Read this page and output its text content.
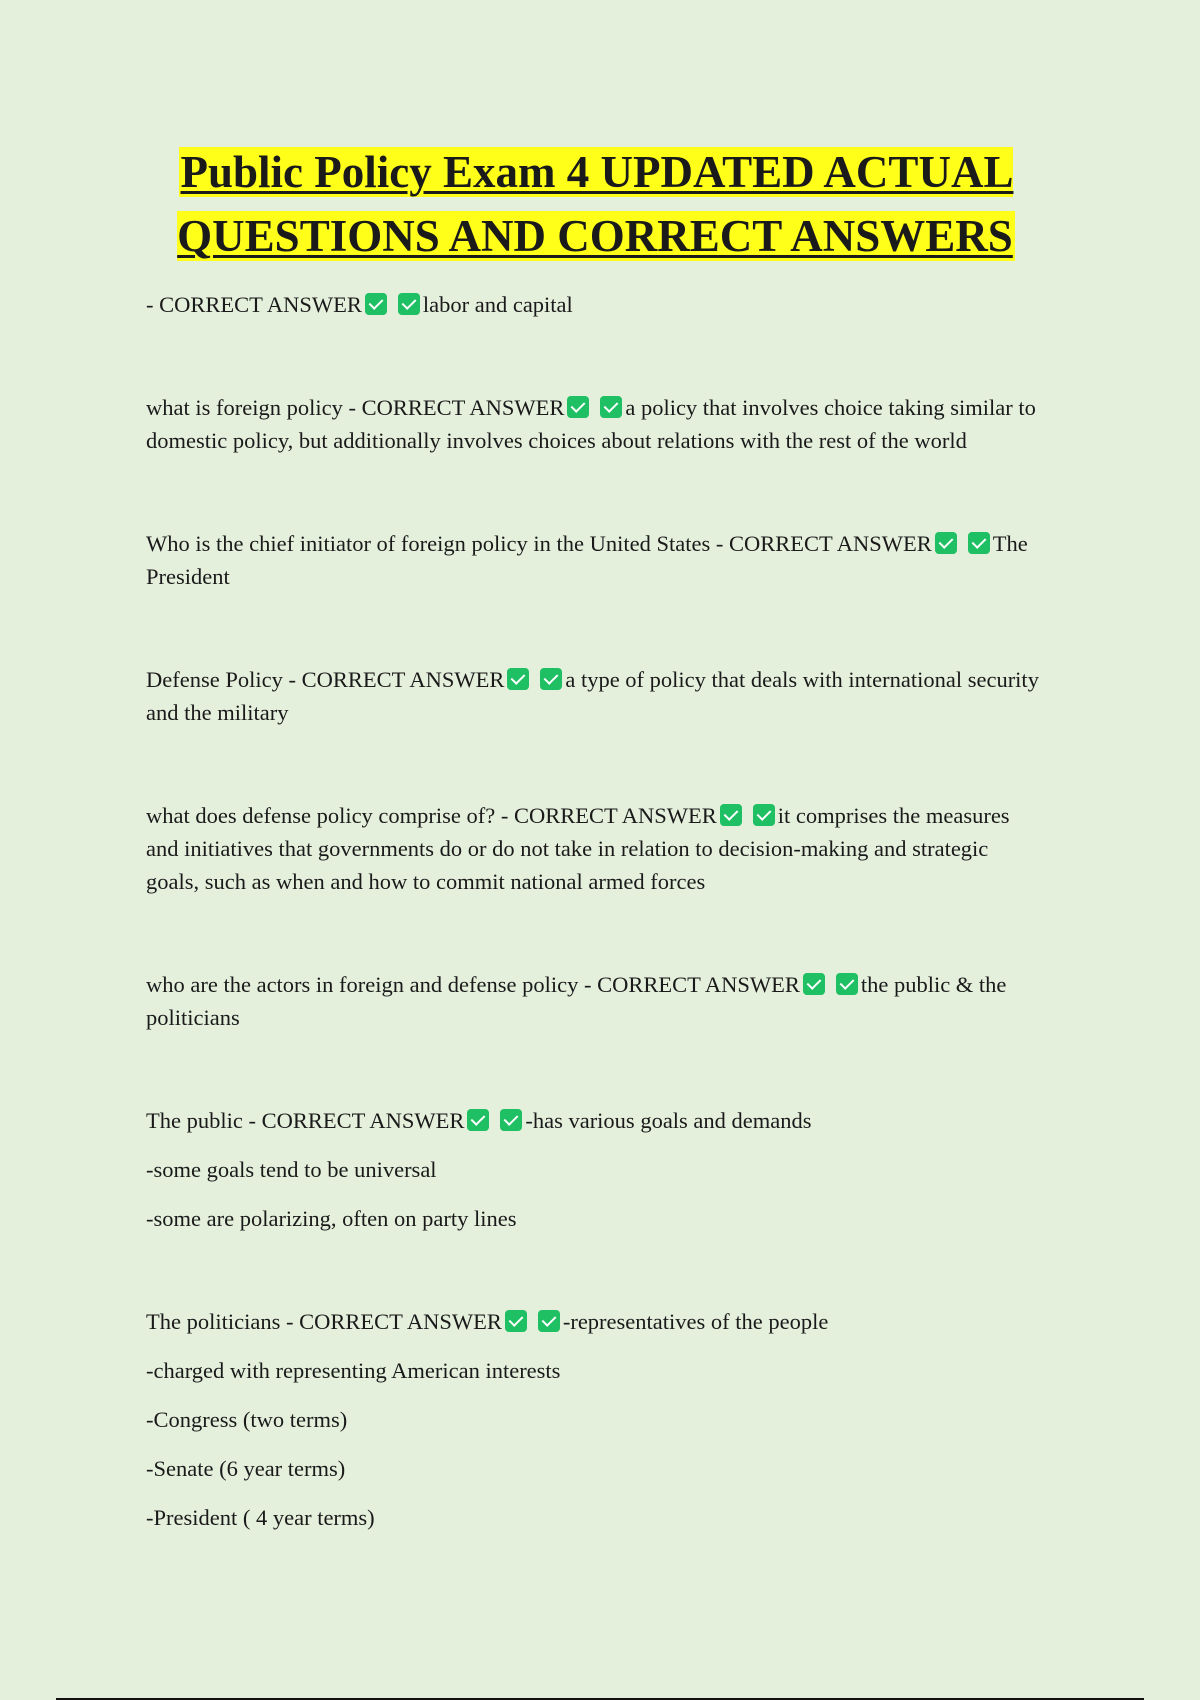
Public Policy Exam 4 UPDATED ACTUAL QUESTIONS AND CORRECT ANSWERS

- CORRECT ANSWER	labor and capital

what is foreign policy - CORRECT ANSWER	a policy that involves choice taking similar to domestic policy, but additionally involves choices about relations with the rest of the world

Who is the chief initiator of foreign policy in the United States - CORRECT ANSWER	The President

Defense Policy - CORRECT ANSWER	a type of policy that deals with international security and the military

what does defense policy comprise of? - CORRECT ANSWER	it comprises the measures and initiatives that governments do or do not take in relation to decision-making and strategic goals, such as when and how to commit national armed forces

who are the actors in foreign and defense policy - CORRECT ANSWER	the public & the politicians

The public - CORRECT ANSWER	-has various goals and demands

-some goals tend to be universal

-some are polarizing, often on party lines

The politicians - CORRECT ANSWER	-representatives of the people

-charged with representing American interests

-Congress (two terms)

-Senate (6 year terms)

-President ( 4 year terms)
